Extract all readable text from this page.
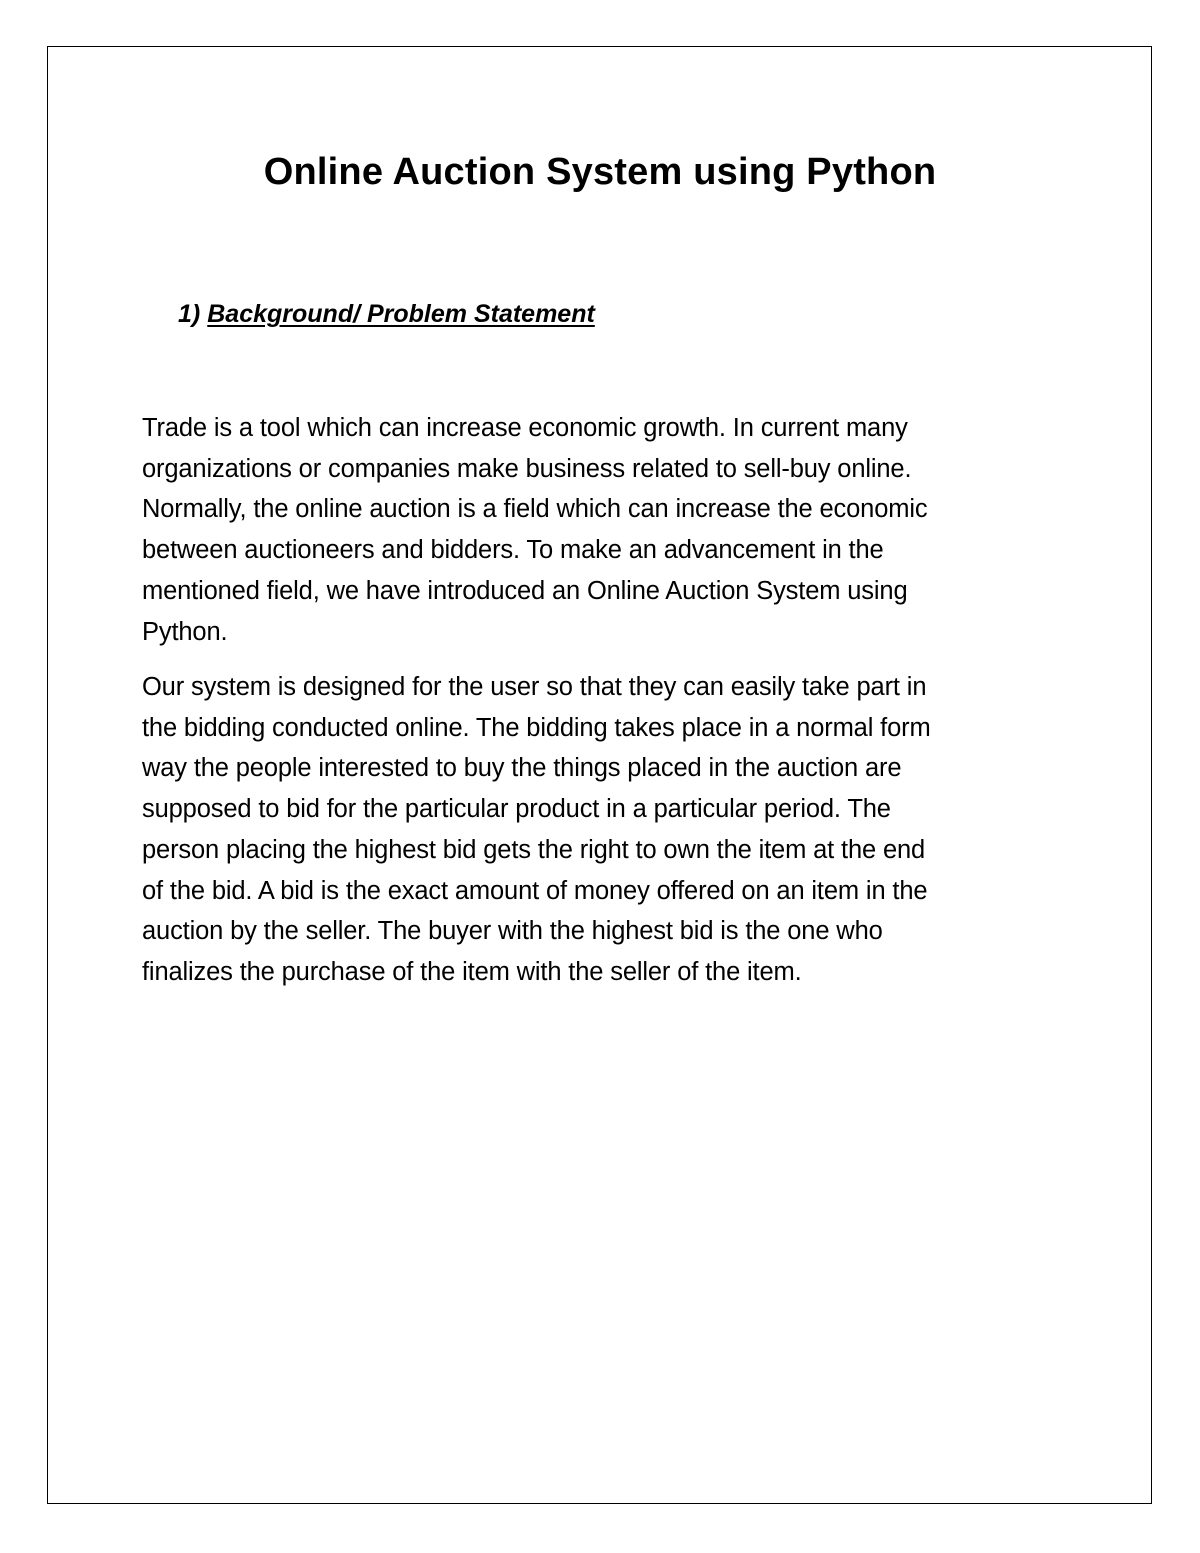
Online Auction System using Python
1) Background/ Problem Statement

Trade is a tool which can increase economic growth. In current many
organizations or companies make business related to sell-buy online.
Normally, the online auction is a field which can increase the economic
between auctioneers and bidders. To make an advancement in the
mentioned field, we have introduced an Online Auction System using
Python.

Our system is designed for the user so that they can easily take part in
the bidding conducted online. The bidding takes place in a normal form
way the people interested to buy the things placed in the auction are
supposed to bid for the particular product in a particular period. The
person placing the highest bid gets the right to own the item at the end
of the bid. A bid is the exact amount of money offered on an item in the
auction by the seller. The buyer with the highest bid is the one who
finalizes the purchase of the item with the seller of the item.
